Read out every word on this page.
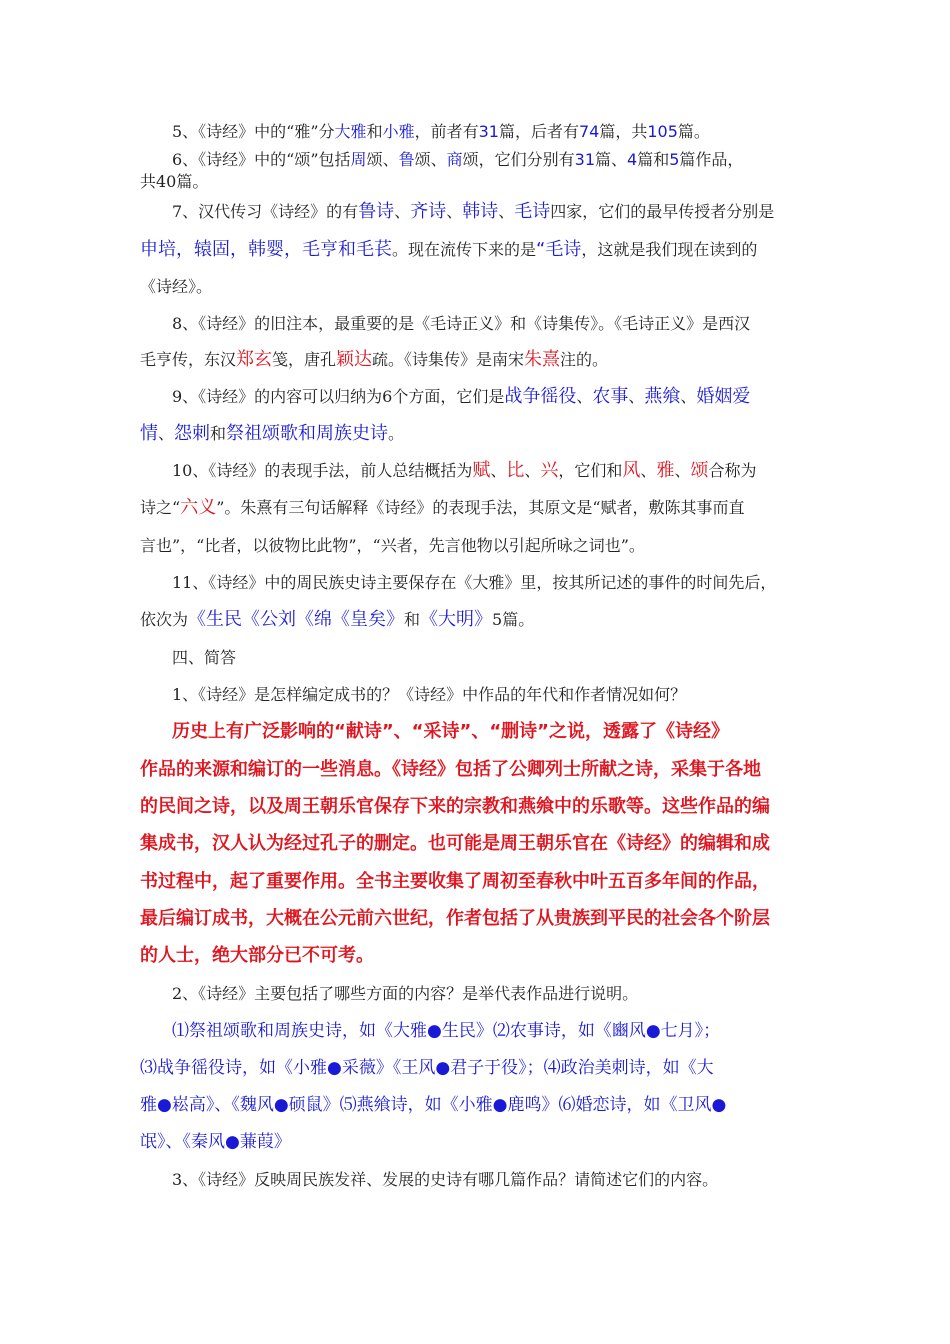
5、《诗经》中的“雅”分大雅和小雅，前者有31篇，后者有74篇，共105篇。
6、《诗经》中的“颂”包括周颂、鲁颂、商颂，它们分别有31篇、4篇和5篇作品，
共40篇。
7、汉代传习《诗经》的有鲁诗、齐诗、韩诗、毛诗四家，它们的最早传授者分别是
申培，辕固，韩婴，毛亨和毛苌。现在流传下来的是“毛诗，这就是我们现在读到的
《诗经》。
8、《诗经》的旧注本，最重要的是《毛诗正义》和《诗集传》。《毛诗正义》是西汉
毛亨传，东汉郑玄笺，唐孔颖达疏。《诗集传》是南宋朱熹注的。
9、《诗经》的内容可以归纳为6个方面，它们是战争徭役、农事、燕飨、婚姻爱
情、怨刺和祭祖颂歌和周族史诗。
10、《诗经》的表现手法，前人总结概括为赋、比、兴，它们和风、雅、颂合称为
诗之“六义”。朱熹有三句话解释《诗经》的表现手法，其原文是“赋者，敷陈其事而直
言也”，“比者，以彼物比此物”，“兴者，先言他物以引起所咏之词也”。
11、《诗经》中的周民族史诗主要保存在《大雅》里，按其所记述的事件的时间先后，
依次为《生民《公刘《绵《皇矣》和《大明》5篇。
四、简答
1、《诗经》是怎样编定成书的？《诗经》中作品的年代和作者情况如何？
历史上有广泛影响的“献诗”、“采诗”、“删诗”之说，透露了《诗经》
作品的来源和编订的一些消息。《诗经》包括了公卿列士所献之诗，采集于各地
的民间之诗，以及周王朝乐官保存下来的宗教和燕飨中的乐歌等。这些作品的编
集成书，汉人认为经过孔子的删定。也可能是周王朝乐官在《诗经》的编辑和成
书过程中，起了重要作用。全书主要收集了周初至春秋中叶五百多年间的作品，
最后编订成书，大概在公元前六世纪，作者包括了从贵族到平民的社会各个阶层
的人士，绝大部分已不可考。
2、《诗经》主要包括了哪些方面的内容？是举代表作品进行说明。
⑴祭祖颂歌和周族史诗，如《大雅●生民》⑵农事诗，如《豳风●七月》；
⑶战争徭役诗，如《小雅●采薇》《王风●君子于役》；⑷政治美刺诗，如《大
雅●崧高》、《魏风●硕鼠》⑸燕飨诗，如《小雅●鹿鸣》⑹婚恋诗，如《卫风●
氓》、《秦风●蒹葭》
3、《诗经》反映周民族发祥、发展的史诗有哪几篇作品？请简述它们的内容。
